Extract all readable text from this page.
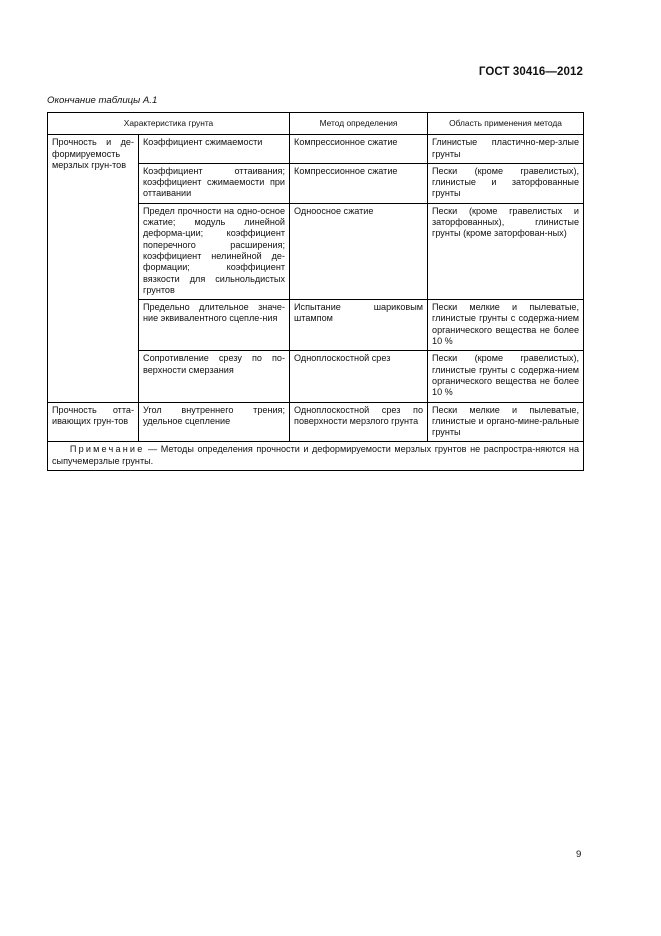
ГОСТ 30416—2012
Окончание таблицы А.1
Характеристика грунта		Метод определения	Область применения метода
Прочность и де-формируемость мерзлых грун-тов	Коэффициент сжимаемости	Компрессионное сжатие	Глинистые пластично-мер-злые грунты
	Коэффициент оттаивания; коэффициент сжимаемости при оттаивании	Компрессионное сжатие	Пески (кроме гравелистых), глинистые и заторфованные грунты
	Предел прочности на одно-осное сжатие; модуль линейной деформа-ции; коэффициент поперечного расширения; коэффициент нелинейной де-формации; коэффициент вязкости для сильнольдистых грунтов	Одноосное сжатие	Пески (кроме гравелистых и заторфованных), глинистые грунты (кроме заторфован-ных)
	Предельно длительное значе-ние эквивалентного сцепле-ния	Испытание шариковым штампом	Пески мелкие и пылеватые, глинистые грунты с содержа-нием органического вещества не более 10 %
	Сопротивление срезу по по-верхности смерзания	Одноплоскостной срез	Пески (кроме гравелистых), глинистые грунты с содержа-нием органического вещества не более 10 %
Прочность отта-ивающих грун-тов	Угол внутреннего трения; удельное сцепление	Одноплоскостной срез по поверхности мерзлого грунта	Пески мелкие и пылеватые, глинистые и органо-мине-ральные грунты
Примечание — Методы определения прочности и деформируемости мерзлых грунтов не распростра-няются на сыпучемерзлые грунты.			
9
